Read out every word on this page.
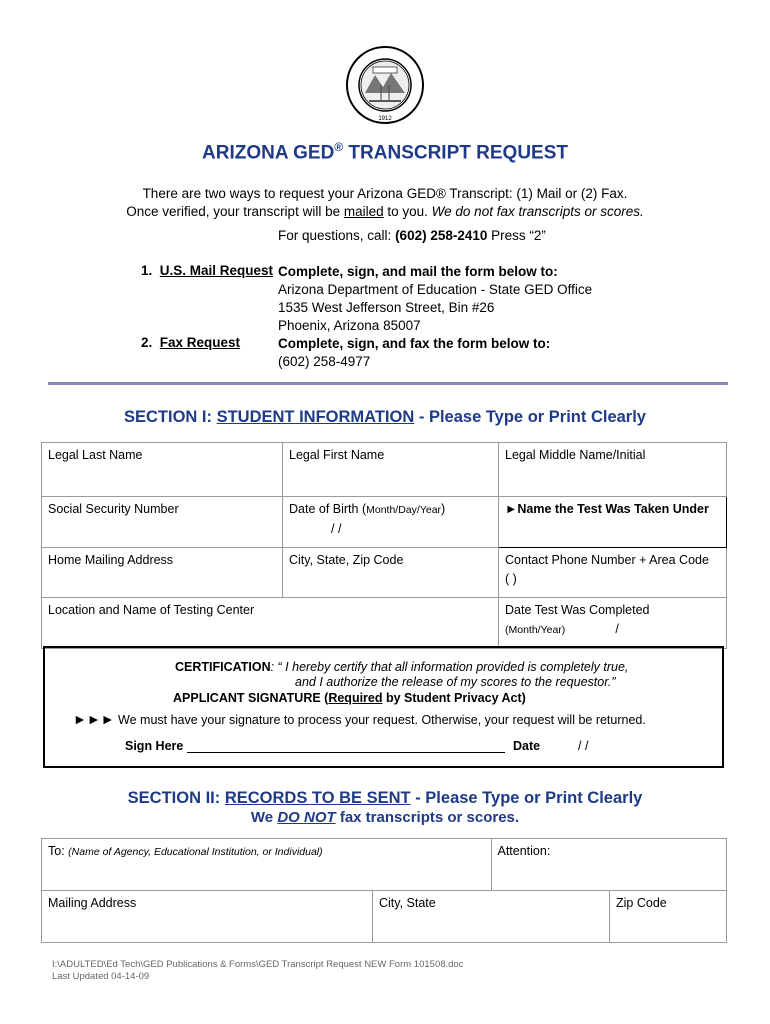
1912
ARIZONA GED® TRANSCRIPT REQUEST
There are two ways to request your Arizona GED® Transcript: (1) Mail or (2) Fax.
Once verified, your transcript will be mailed to you. We do not fax transcripts or scores.
For questions, call: (602) 258-2410 Press “2”
1. U.S. Mail Request Complete, sign, and mail the form below to:
Arizona Department of Education - State GED Office
1535 West Jefferson Street, Bin #26
Phoenix, Arizona 85007
2. Fax Request	Complete, sign, and fax the form below to:
(602) 258-4977
SECTION I: STUDENT INFORMATION - Please Type or Print Clearly
Legal Last Name	Legal First Name	Legal Middle Name/Initial
Social Security Number	Date of Birth (Month/Day/Year)
/ /	►Name the Test Was Taken Under
Home Mailing Address	City, State, Zip Code	Contact Phone Number + Area Code
( )
Location and Name of Testing Center		Date Test Was Completed
(Month/Year) /
CERTIFICATION: “ I hereby certify that all information provided is completely true,
and I authorize the release of my scores to the requestor.”
APPLICANT SIGNATURE (Required by Student Privacy Act)
►►► We must have your signature to process your request. Otherwise, your request will be returned.
Sign Here	Date	/ /
SECTION II: RECORDS TO BE SENT - Please Type or Print Clearly
We DO NOT fax transcripts or scores.
To: (Name of Agency, Educational Institution, or Individual)		Attention:	
Mailing Address	City, State		Zip Code
I:\ADULTED\Ed Tech\GED Publications & Forms\GED Transcript Request NEW Form 101508.doc
Last Updated 04-14-09
